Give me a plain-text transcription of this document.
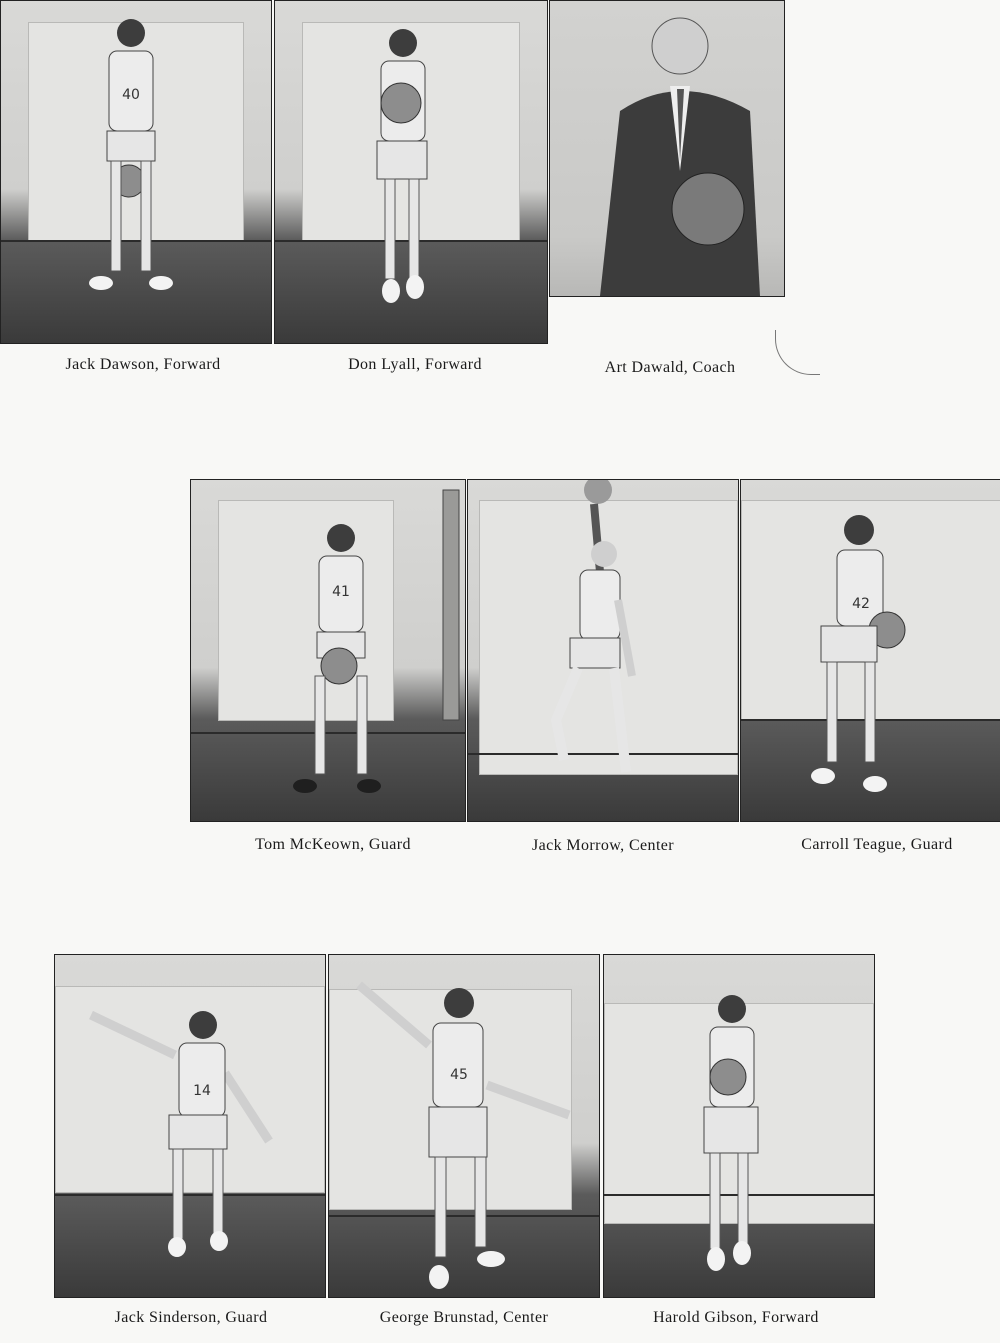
40
Jack Dawson, Forward	Don Lyall, Forward	Art Dawald, Coach
41
42
Tom McKeown, Guard	Jack Morrow, Center	Carroll Teague, Guard
14
45
Jack Sinderson, Guard	George Brunstad, Center	Harold Gibson, Forward
